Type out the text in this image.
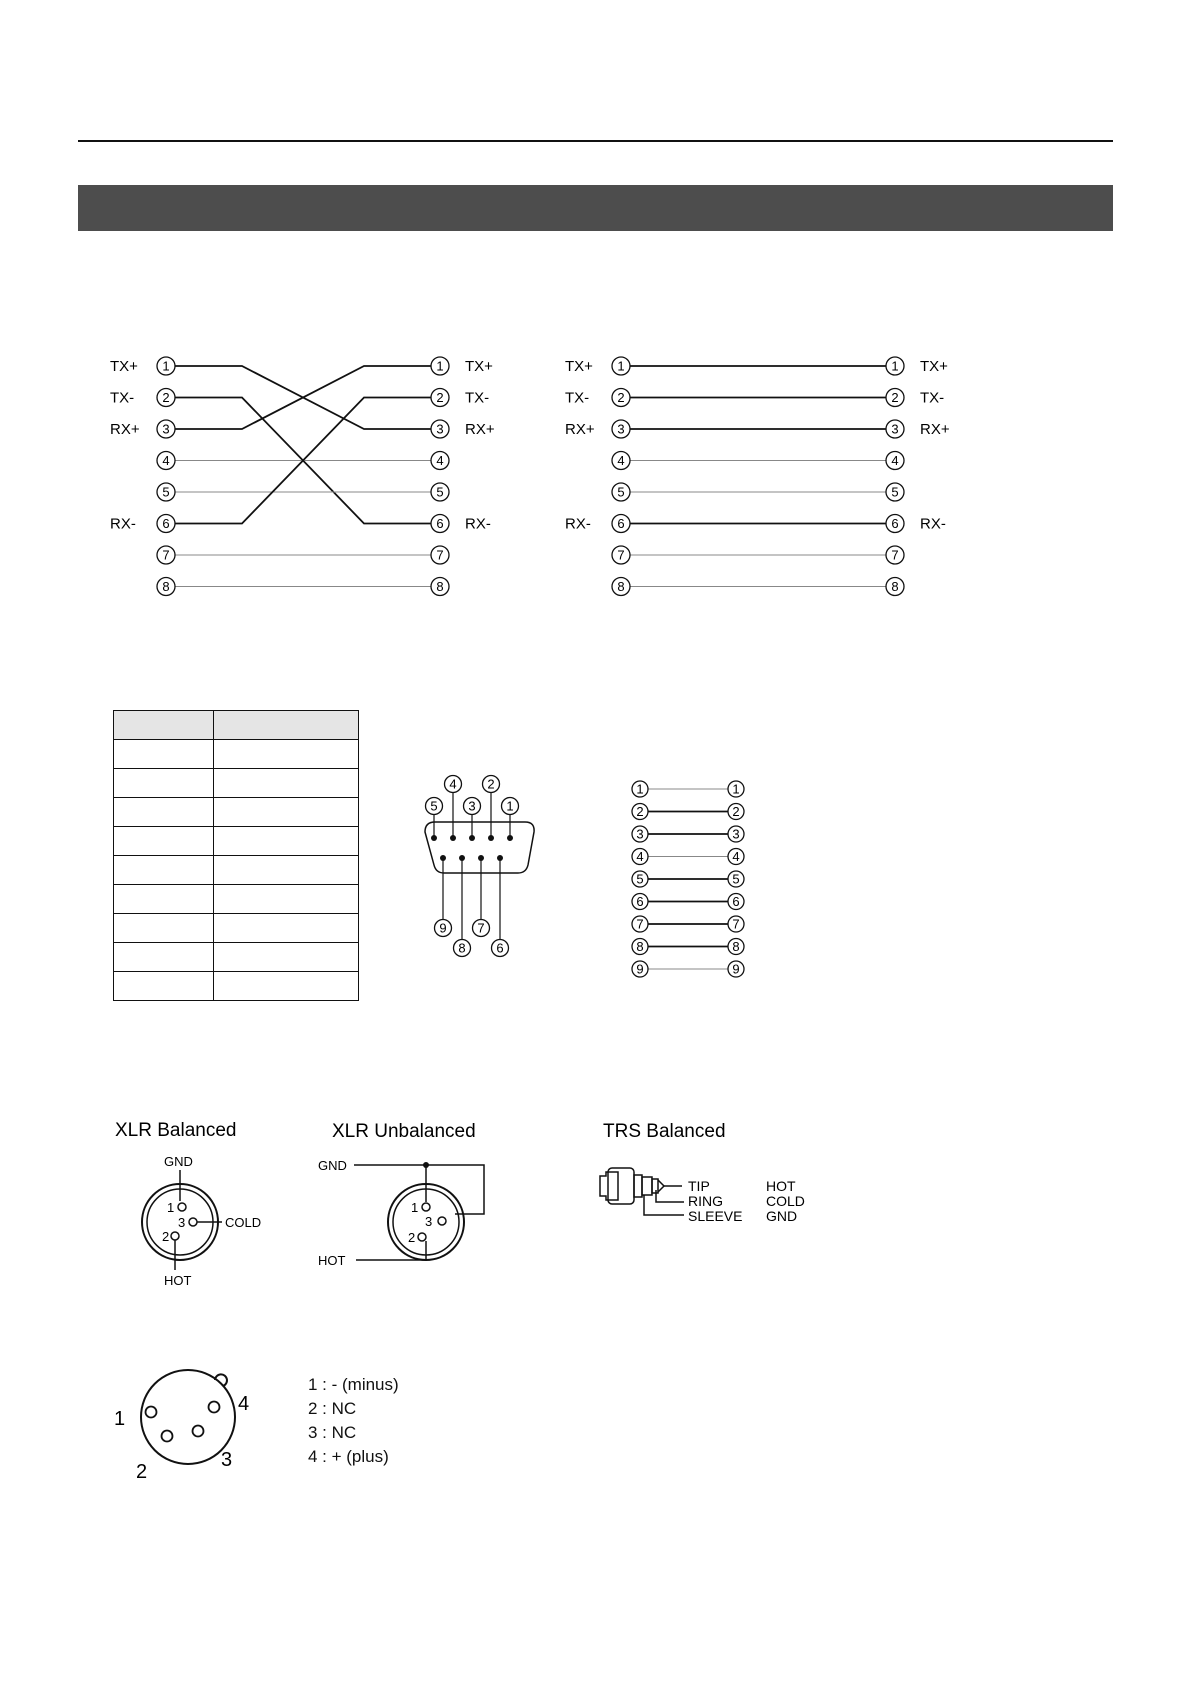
1	1
TX+	TX+
2	2
TX-	TX-
3	3
RX+	RX+
4	4
5	5
6	6
RX-	RX-
7	7
8	8
1	1
TX+	TX+
2	2
TX-	TX-
3	3
RX+	RX+
4	4
5	5
6	6
RX-	RX-
7	7
8	8

5
4
3
2
1
9
8
7
6
1	1
2	2
3	3
4	4
5	5
6	6
7	7
8	8
9	9
XLR Balanced
GND
1
3	COLD
2
HOT
XLR Unbalanced
GND
1
3
2
HOT
TRS Balanced
TIP
RING
SLEEVE
HOT
COLD
GND
1
2
3
4
1 : - (minus)
2 : NC
3 : NC
4 : + (plus)
